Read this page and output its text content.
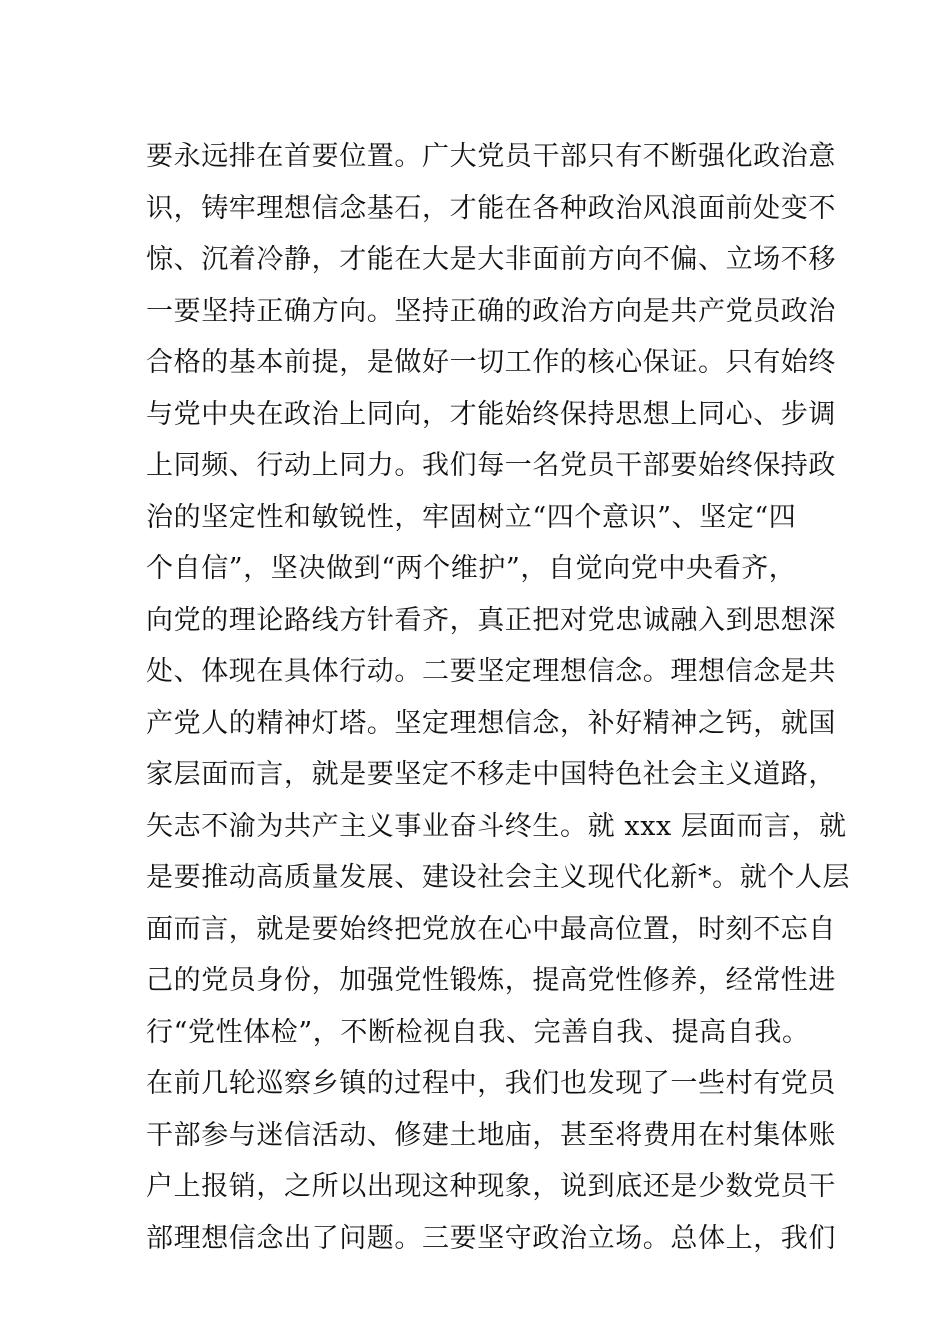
要永远排在首要位置。广大党员干部只有不断强化政治意
识，铸牢理想信念基石，才能在各种政治风浪面前处变不
惊、沉着冷静，才能在大是大非面前方向不偏、立场不移
一要坚持正确方向。坚持正确的政治方向是共产党员政治
合格的基本前提，是做好一切工作的核心保证。只有始终
与党中央在政治上同向，才能始终保持思想上同心、步调
上同频、行动上同力。我们每一名党员干部要始终保持政
治的坚定性和敏锐性，牢固树立“四个意识”、坚定“四
个自信”，坚决做到“两个维护”，自觉向党中央看齐，
向党的理论路线方针看齐，真正把对党忠诚融入到思想深
处、体现在具体行动。二要坚定理想信念。理想信念是共
产党人的精神灯塔。坚定理想信念，补好精神之钙，就国
家层面而言，就是要坚定不移走中国特色社会主义道路，
矢志不渝为共产主义事业奋斗终生。就 xxx 层面而言，就
是要推动高质量发展、建设社会主义现代化新*。就个人层
面而言，就是要始终把党放在心中最高位置，时刻不忘自
己的党员身份，加强党性锻炼，提高党性修养，经常性进
行“党性体检”，不断检视自我、完善自我、提高自我。
在前几轮巡察乡镇的过程中，我们也发现了一些村有党员
干部参与迷信活动、修建土地庙，甚至将费用在村集体账
户上报销，之所以出现这种现象，说到底还是少数党员干
部理想信念出了问题。三要坚守政治立场。总体上，我们
